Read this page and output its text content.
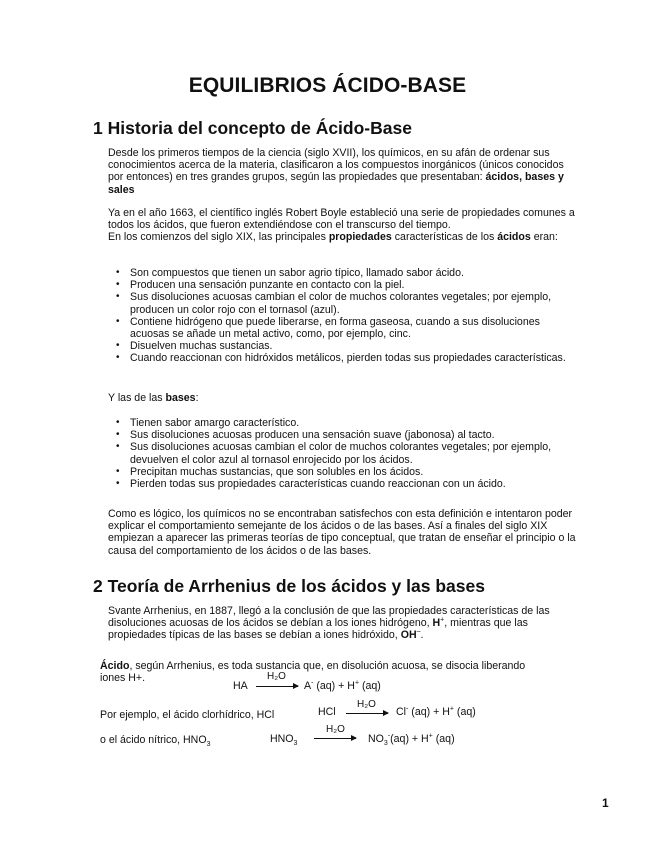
EQUILIBRIOS ÁCIDO-BASE
1 Historia del concepto de Ácido-Base

Desde los primeros tiempos de la ciencia (siglo XVII), los químicos, en su afán de ordenar sus conocimientos acerca de la materia, clasificaron a los compuestos inorgánicos (únicos conocidos por entonces) en tres grandes grupos, según las propiedades que presentaban: ácidos, bases y sales

Ya en el año 1663, el científico inglés Robert Boyle estableció una serie de propiedades comunes a todos los ácidos, que fueron extendiéndose con el transcurso del tiempo.
En los comienzos del siglo XIX, las principales propiedades características de los ácidos eran:

• Son compuestos que tienen un sabor agrio típico, llamado sabor ácido.
• Producen una sensación punzante en contacto con la piel.
• Sus disoluciones acuosas cambian el color de muchos colorantes vegetales; por ejemplo, producen un color rojo con el tornasol (azul).
• Contiene hidrógeno que puede liberarse, en forma gaseosa, cuando a sus disoluciones acuosas se añade un metal activo, como, por ejemplo, cinc.
• Disuelven muchas sustancias.
• Cuando reaccionan con hidróxidos metálicos, pierden todas sus propiedades características.

Y las de las bases:

• Tienen sabor amargo característico.
• Sus disoluciones acuosas producen una sensación suave (jabonosa) al tacto.
• Sus disoluciones acuosas cambian el color de muchos colorantes vegetales; por ejemplo, devuelven el color azul al tornasol enrojecido por los ácidos.
• Precipitan muchas sustancias, que son solubles en los ácidos.
• Pierden todas sus propiedades características cuando reaccionan con un ácido.

Como es lógico, los químicos no se encontraban satisfechos con esta definición e intentaron poder explicar el comportamiento semejante de los ácidos o de las bases. Así a finales del siglo XIX empiezan a aparecer las primeras teorías de tipo conceptual, que tratan de enseñar el principio o la causa del comportamiento de los ácidos o de las bases.

2 Teoría de Arrhenius de los ácidos y las bases

Svante Arrhenius, en 1887, llegó a la conclusión de que las propiedades características de las disoluciones acuosas de los ácidos se debían a los iones hidrógeno, H+, mientras que las propiedades típicas de las bases se debían a iones hidróxido, OH–.

Ácido, según Arrhenius, es toda sustancia que, en disolución acuosa, se disocia liberando
iones H+.
HA
H₂O
A- (aq) + H+ (aq)
Por ejemplo, el ácido clorhídrico, HCl	HCl
H₂O
Cl- (aq) + H+ (aq)
o el ácido nítrico, $HNO_3$	$HNO_3$
H₂O
$NO_3^-(aq) + H^+$ (aq)
1
